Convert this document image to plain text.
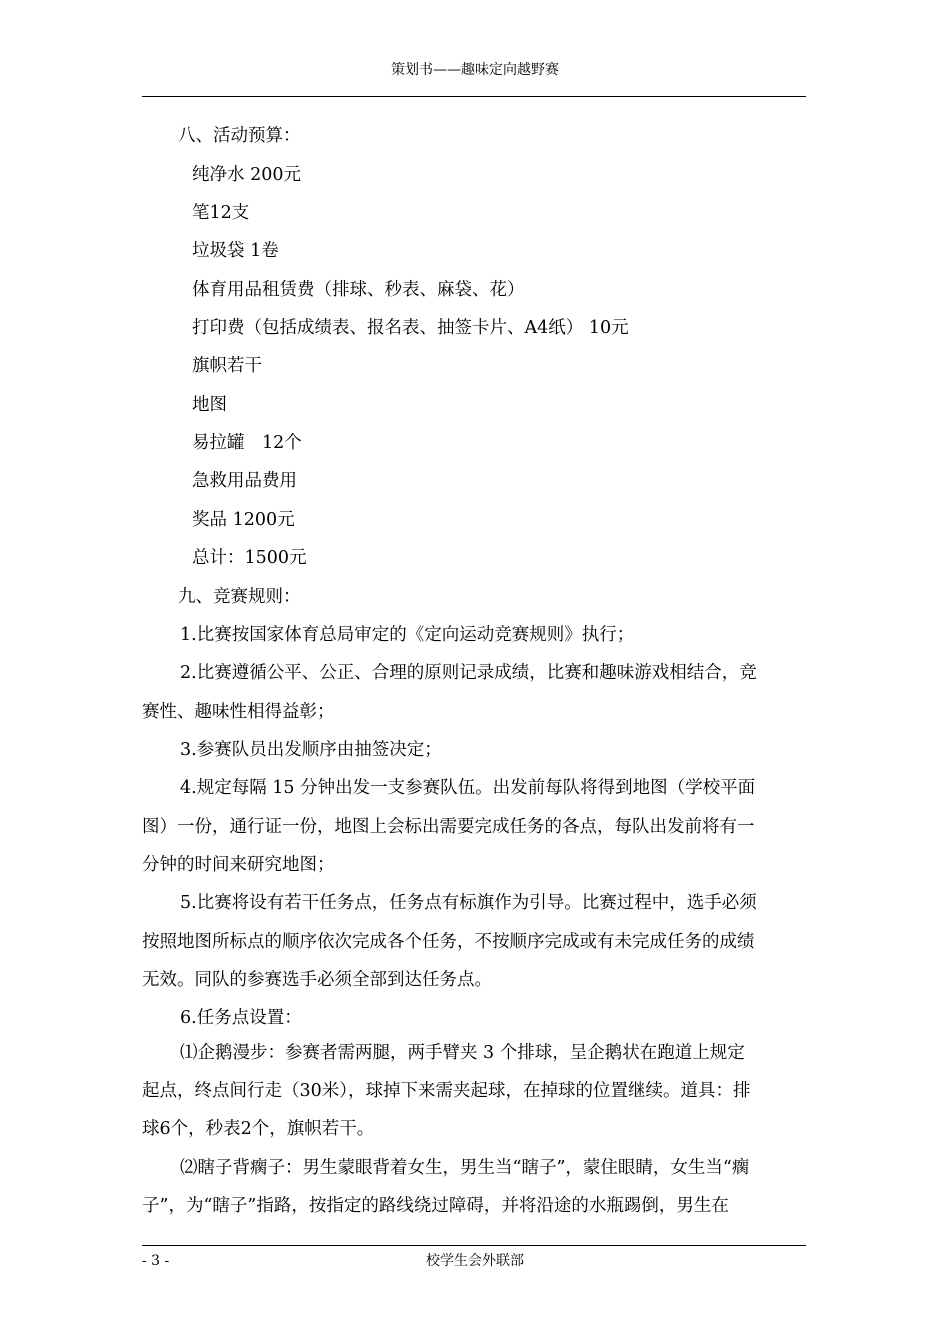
策划书——趣味定向越野赛
八、活动预算：
纯净水 200元
笔12支
垃圾袋 1卷
体育用品租赁费（排球、秒表、麻袋、花）
打印费（包括成绩表、报名表、抽签卡片、A4纸） 10元
旗帜若干
地图
易拉罐　12个
急救用品费用
奖品 1200元
总计：1500元
九、竞赛规则：
1.比赛按国家体育总局审定的《定向运动竞赛规则》执行；
2.比赛遵循公平、公正、合理的原则记录成绩，比赛和趣味游戏相结合，竞
赛性、趣味性相得益彰；
3.参赛队员出发顺序由抽签决定；
4.规定每隔 15 分钟出发一支参赛队伍。出发前每队将得到地图（学校平面
图）一份，通行证一份，地图上会标出需要完成任务的各点，每队出发前将有一
分钟的时间来研究地图；
5.比赛将设有若干任务点，任务点有标旗作为引导。比赛过程中，选手必须
按照地图所标点的顺序依次完成各个任务，不按顺序完成或有未完成任务的成绩
无效。同队的参赛选手必须全部到达任务点。
6.任务点设置：
⑴企鹅漫步：参赛者需两腿，两手臂夹 3 个排球，呈企鹅状在跑道上规定
起点，终点间行走（30米），球掉下来需夹起球，在掉球的位置继续。道具：排
球6个，秒表2个，旗帜若干。
⑵瞎子背瘸子：男生蒙眼背着女生，男生当“瞎子”，蒙住眼睛，女生当“瘸
子”，为“瞎子”指路，按指定的路线绕过障碍，并将沿途的水瓶踢倒，男生在
- 3 -	校学生会外联部
